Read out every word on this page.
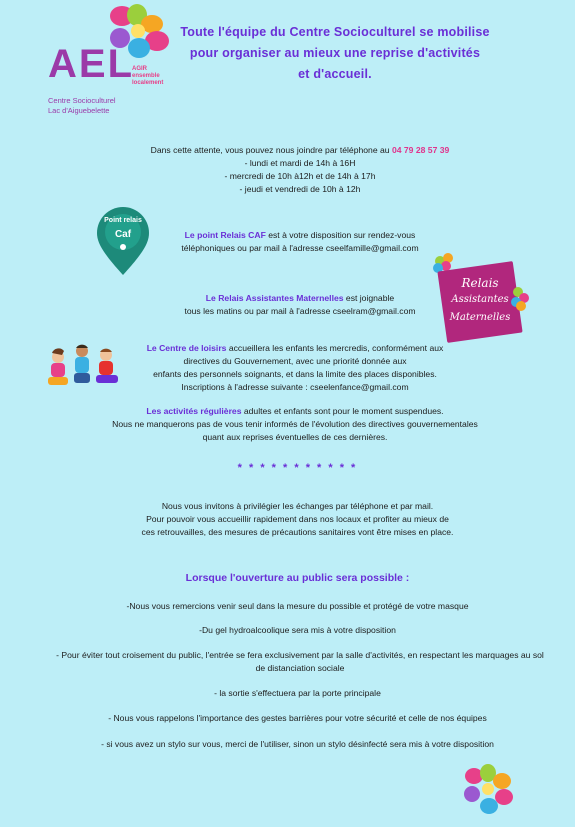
AEL
AGIR ensemble localement
Centre Socioculturel
Lac d'Aiguebelette
Toute l'équipe du Centre Socioculturel se mobilise
pour organiser au mieux une reprise d'activités
et d'accueil.
Dans cette attente, vous pouvez nous joindre par téléphone au 04 79 28 57 39
- lundi et mardi de 14h à 16H
- mercredi de 10h à12h et de 14h à 17h
- jeudi et vendredi de 10h à 12h
Point relais
Caf	Le point Relais CAF est à votre disposition sur rendez-vous
téléphoniques ou par mail à l'adresse cseelfamille@gmail.com
Relais
Assistantes
Maternelles
Le Relais Assistantes Maternelles est joignable
tous les matins ou par mail à l'adresse cseelram@gmail.com
Le Centre de loisirs accueillera les enfants les mercredis, conformément aux
directives du Gouvernement, avec une priorité donnée aux
enfants des personnels soignants, et dans la limite des places disponibles.
Inscriptions à l'adresse suivante : cseelenfance@gmail.com
Les activités régulières adultes et enfants sont pour le moment suspendues.
Nous ne manquerons pas de vous tenir informés de l'évolution des directives gouvernementales
quant aux reprises éventuelles de ces dernières.
* * * * * * * * * * *
Nous vous invitons à privilégier les échanges par téléphone et par mail.
Pour pouvoir vous accueillir rapidement dans nos locaux et profiter au mieux de
ces retrouvailles, des mesures de précautions sanitaires vont être mises en place.
Lorsque l'ouverture au public sera possible :
-Nous vous remercions venir seul dans la mesure du possible et protégé de votre masque
-Du gel hydroalcoolique sera mis à votre disposition
- Pour éviter tout croisement du public, l'entrée se fera exclusivement par la salle d'activités, en respectant les marquages au sol de distanciation sociale
- la sortie s'effectuera par la porte principale
- Nous vous rappelons l'importance des gestes barrières pour votre sécurité et celle de nos équipes
- si vous avez un stylo sur vous, merci de l'utiliser, sinon un stylo désinfecté sera mis à votre disposition
